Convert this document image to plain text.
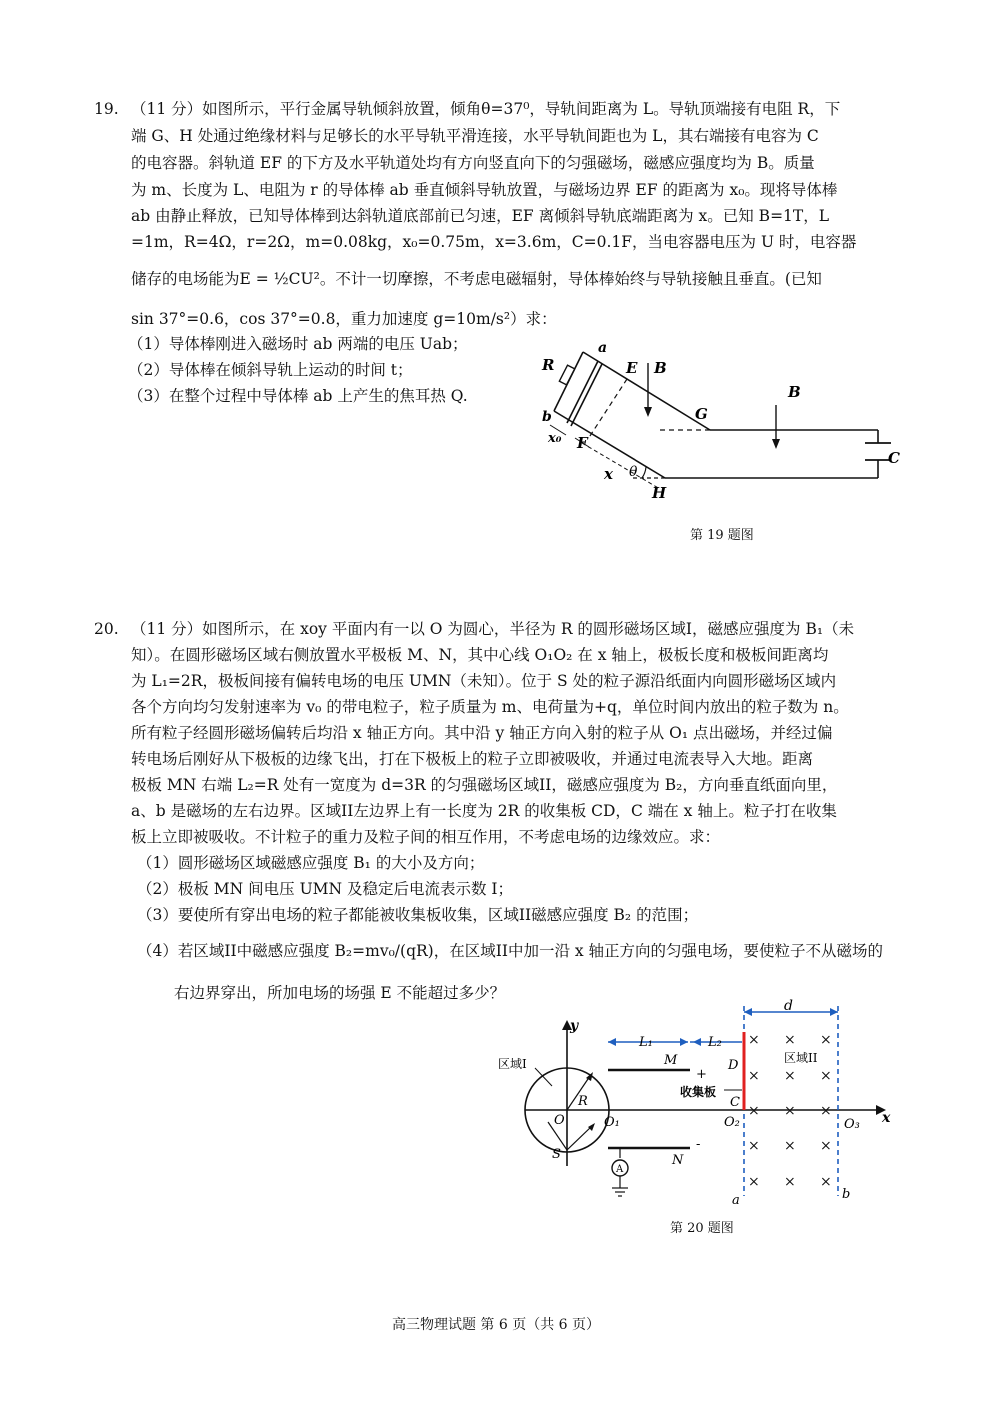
19. （11 分）如图所示，平行金属导轨倾斜放置，倾角θ=37⁰，导轨间距离为 L。导轨顶端接有电阻 R，下
端 G、H 处通过绝缘材料与足够长的水平导轨平滑连接，水平导轨间距也为 L，其右端接有电容为 C
的电容器。斜轨道 EF 的下方及水平轨道处均有方向竖直向下的匀强磁场，磁感应强度均为 B。质量
为 m、长度为 L、电阻为 r 的导体棒 ab 垂直倾斜导轨放置，与磁场边界 EF 的距离为 x₀。现将导体棒
ab 由静止释放，已知导体棒到达斜轨道底部前已匀速，EF 离倾斜导轨底端距离为 x。已知 B=1T，L
=1m，R=4Ω，r=2Ω，m=0.08kg，x₀=0.75m，x=3.6m，C=0.1F，当电容器电压为 U 时，电容器
储存的电场能为E = ½CU²。不计一切摩擦，不考虑电磁辐射，导体棒始终与导轨接触且垂直。(已知
sin 37°=0.6，cos 37°=0.8，重力加速度 g=10m/s²）求：
（1）导体棒刚进入磁场时 ab 两端的电压 Uab；
（2）导体棒在倾斜导轨上运动的时间 t；
（3）在整个过程中导体棒 ab 上产生的焦耳热 Q.
R
a
E B
B
G
b
x₀ F
x θ
H
C
第 19 题图
20. （11 分）如图所示，在 xoy 平面内有一以 O 为圆心，半径为 R 的圆形磁场区域I，磁感应强度为 B₁（未
知）。在圆形磁场区域右侧放置水平极板 M、N，其中心线 O₁O₂ 在 x 轴上，极板长度和极板间距离均
为 L₁=2R，极板间接有偏转电场的电压 UMN（未知）。位于 S 处的粒子源沿纸面内向圆形磁场区域内
各个方向均匀发射速率为 v₀ 的带电粒子，粒子质量为 m、电荷量为+q，单位时间内放出的粒子数为 n。
所有粒子经圆形磁场偏转后均沿 x 轴正方向。其中沿 y 轴正方向入射的粒子从 O₁ 点出磁场，并经过偏
转电场后刚好从下极板的边缘飞出，打在下极板上的粒子立即被吸收，并通过电流表导入大地。距离
极板 MN 右端 L₂=R 处有一宽度为 d=3R 的匀强磁场区域II，磁感应强度为 B₂，方向垂直纸面向里，
a、b 是磁场的左右边界。区域II左边界上有一长度为 2R 的收集板 CD，C 端在 x 轴上。粒子打在收集
板上立即被吸收。不计粒子的重力及粒子间的相互作用，不考虑电场的边缘效应。求：
（1）圆形磁场区域磁感应强度 B₁ 的大小及方向；
（2）极板 MN 间电压 UMN 及稳定后电流表示数 I；
（3）要使所有穿出电场的粒子都能被收集板收集，区域II磁感应强度 B₂ 的范围；
（4）若区域II中磁感应强度 B₂=mv₀/(qR)，在区域II中加一沿 x 轴正方向的匀强电场，要使粒子不从磁场的
右边界穿出，所加电场的场强 E 不能超过多少？
A
× × ×
× × ×
× × ×
× × ×
× × ×
d
y
L₁	L₂
D	区域II
区域I	M
+
收集板
C
R
O	O₁	O₂	O₃ x
-
S	N
a	b
第 20 题图
高三物理试题 第 6 页（共 6 页）
